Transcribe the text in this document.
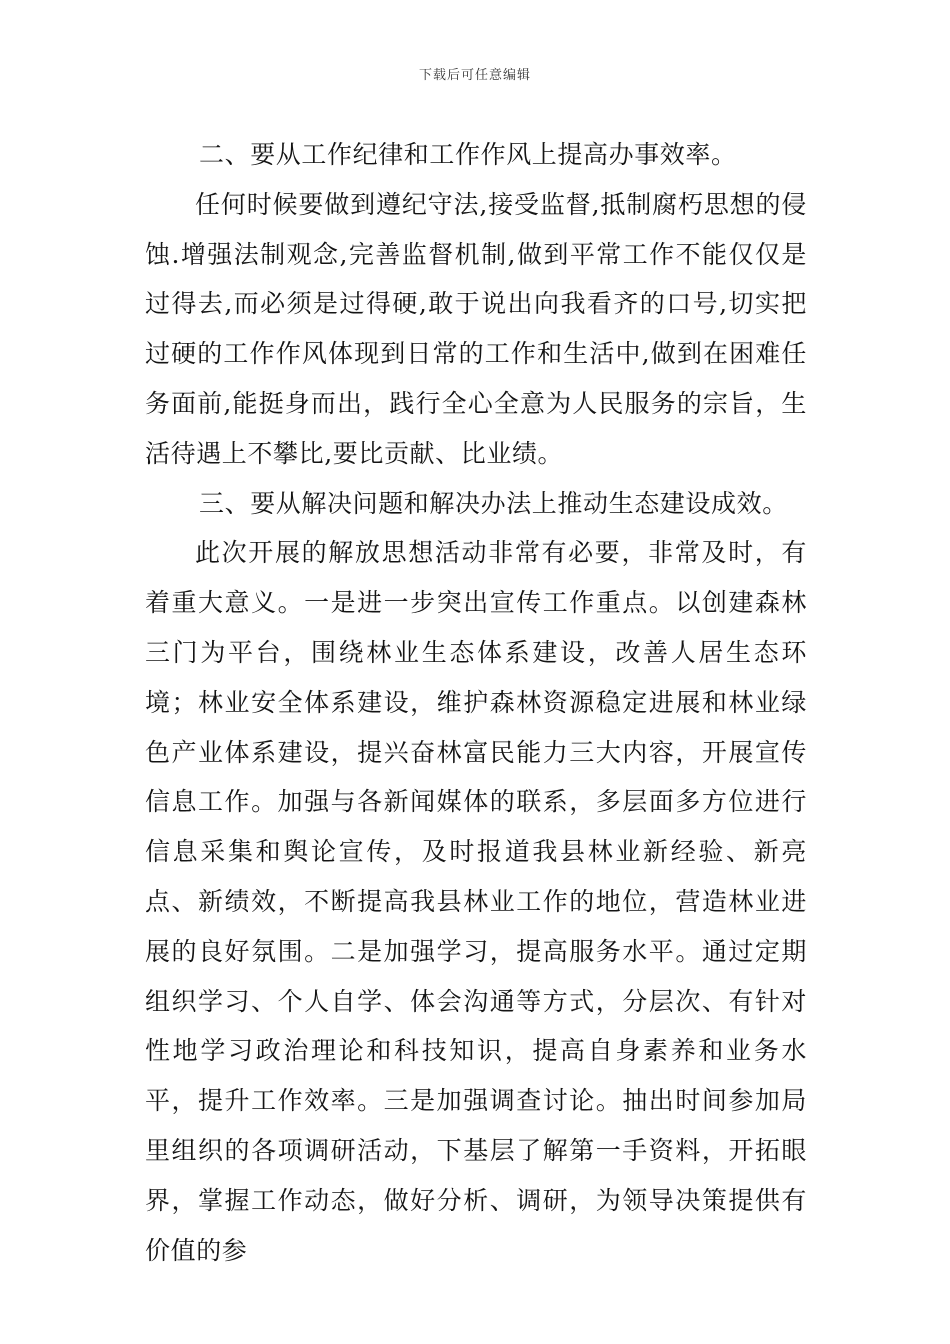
下载后可任意编辑

二、要从工作纪律和工作作风上提高办事效率。

任何时候要做到遵纪守法,接受监督,抵制腐朽思想的侵蚀.增强法制观念,完善监督机制,做到平常工作不能仅仅是过得去,而必须是过得硬,敢于说出向我看齐的口号,切实把过硬的工作作风体现到日常的工作和生活中,做到在困难任务面前,能挺身而出，践行全心全意为人民服务的宗旨，生活待遇上不攀比,要比贡献、比业绩。

三、要从解决问题和解决办法上推动生态建设成效。

此次开展的解放思想活动非常有必要，非常及时，有着重大意义。一是进一步突出宣传工作重点。以创建森林三门为平台，围绕林业生态体系建设，改善人居生态环境；林业安全体系建设，维护森林资源稳定进展和林业绿色产业体系建设，提兴奋林富民能力三大内容，开展宣传信息工作。加强与各新闻媒体的联系，多层面多方位进行信息采集和舆论宣传，及时报道我县林业新经验、新亮点、新绩效，不断提高我县林业工作的地位，营造林业进展的良好氛围。二是加强学习，提高服务水平。通过定期组织学习、个人自学、体会沟通等方式，分层次、有针对性地学习政治理论和科技知识，提高自身素养和业务水平，提升工作效率。三是加强调查讨论。抽出时间参加局里组织的各项调研活动，下基层了解第一手资料，开拓眼界，掌握工作动态，做好分析、调研，为领导决策提供有价值的参
